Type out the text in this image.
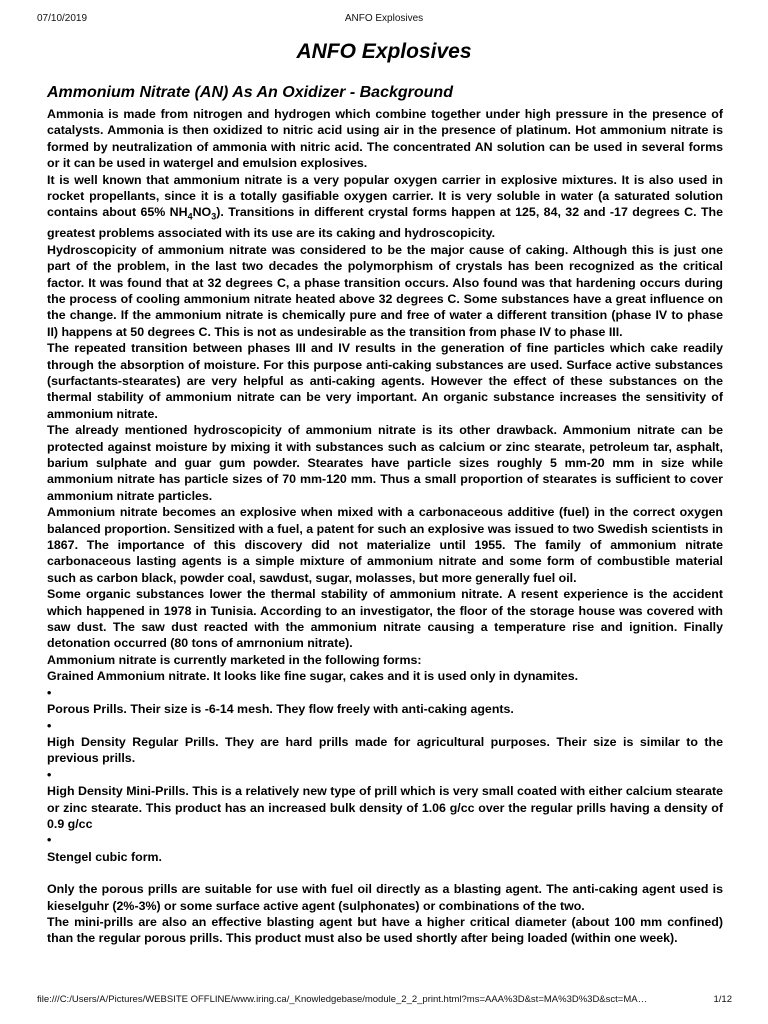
07/10/2019	ANFO Explosives
ANFO Explosives
Ammonium Nitrate (AN) As An Oxidizer - Background

Ammonia is made from nitrogen and hydrogen which combine together under high pressure in the presence of catalysts. Ammonia is then oxidized to nitric acid using air in the presence of platinum. Hot ammonium nitrate is formed by neutralization of ammonia with nitric acid. The concentrated AN solution can be used in several forms or it can be used in watergel and emulsion explosives.

It is well known that ammonium nitrate is a very popular oxygen carrier in explosive mixtures. It is also used in rocket propellants, since it is a totally gasifiable oxygen carrier. It is very soluble in water (a saturated solution contains about 65% $NH_4NO_3$). Transitions in different crystal forms happen at 125, 84, 32 and -17 degrees C. The greatest problems associated with its use are its caking and hydroscopicity.

Hydroscopicity of ammonium nitrate was considered to be the major cause of caking. Although this is just one part of the problem, in the last two decades the polymorphism of crystals has been recognized as the critical factor. It was found that at 32 degrees C, a phase transition occurs. Also found was that hardening occurs during the process of cooling ammonium nitrate heated above 32 degrees C. Some substances have a great influence on the change. If the ammonium nitrate is chemically pure and free of water a different transition (phase IV to phase II) happens at 50 degrees C. This is not as undesirable as the transition from phase IV to phase III.

The repeated transition between phases III and IV results in the generation of fine particles which cake readily through the absorption of moisture. For this purpose anti-caking substances are used. Surface active substances (surfactants-stearates) are very helpful as anti-caking agents. However the effect of these substances on the thermal stability of ammonium nitrate can be very important. An organic substance increases the sensitivity of ammonium nitrate.

The already mentioned hydroscopicity of ammonium nitrate is its other drawback. Ammonium nitrate can be protected against moisture by mixing it with substances such as calcium or zinc stearate, petroleum tar, asphalt, barium sulphate and guar gum powder. Stearates have particle sizes roughly 5 mm-20 mm in size while ammonium nitrate has particle sizes of 70 mm-120 mm. Thus a small proportion of stearates is sufficient to cover ammonium nitrate particles.

Ammonium nitrate becomes an explosive when mixed with a carbonaceous additive (fuel) in the correct oxygen balanced proportion. Sensitized with a fuel, a patent for such an explosive was issued to two Swedish scientists in 1867. The importance of this discovery did not materialize until 1955. The family of ammonium nitrate carbonaceous lasting agents is a simple mixture of ammonium nitrate and some form of combustible material such as carbon black, powder coal, sawdust, sugar, molasses, but more generally fuel oil.

Some organic substances lower the thermal stability of ammonium nitrate. A resent experience is the accident which happened in 1978 in Tunisia. According to an investigator, the floor of the storage house was covered with saw dust. The saw dust reacted with the ammonium nitrate causing a temperature rise and ignition. Finally detonation occurred (80 tons of amrnonium nitrate).

Ammonium nitrate is currently marketed in the following forms:

Grained Ammonium nitrate. It looks like fine sugar, cakes and it is used only in dynamites.

•

Porous Prills. Their size is -6-14 mesh. They flow freely with anti-caking agents.

•

High Density Regular Prills. They are hard prills made for agricultural purposes. Their size is similar to the previous prills.

•

High Density Mini-Prills. This is a relatively new type of prill which is very small coated with either calcium stearate or zinc stearate. This product has an increased bulk density of 1.06 g/cc over the regular prills having a density of 0.9 g/cc

•

Stengel cubic form.

Only the porous prills are suitable for use with fuel oil directly as a blasting agent. The anti-caking agent used is kieselguhr (2%-3%) or some surface active agent (sulphonates) or combinations of the two.

The mini-prills are also an effective blasting agent but have a higher critical diameter (about 100 mm confined) than the regular porous prills. This product must also be used shortly after being loaded (within one week).

file:///C:/Users/A/Pictures/WEBSITE OFFLINE/www.iring.ca/_Knowledgebase/module_2_2_print.html?ms=AAA%3D&st=MA%3D%3D&sct=MA…	1/12
